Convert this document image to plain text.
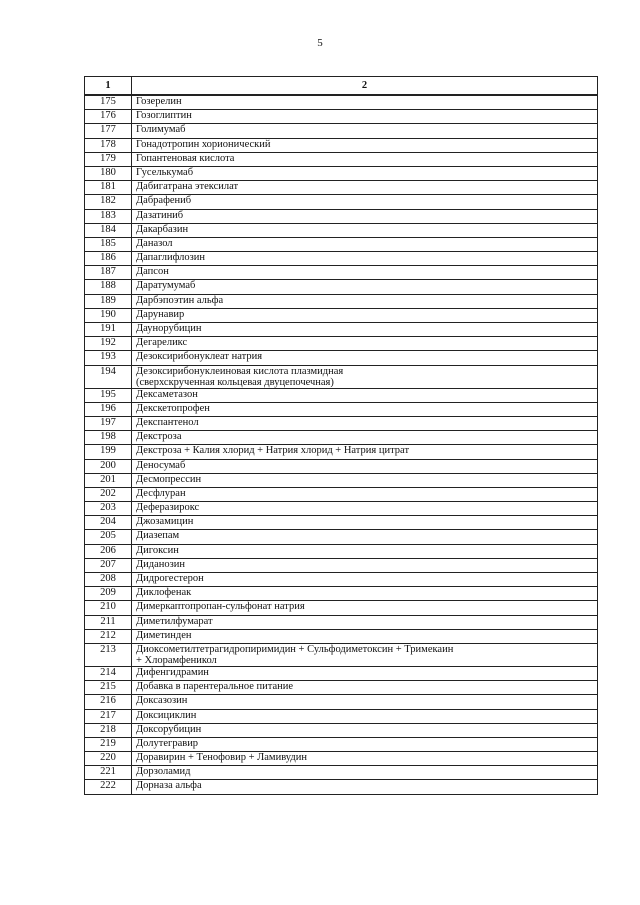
5
1	2
175	Гозерелин

176	Гозоглиптин

177	Голимумаб

178	Гонадотропин хорионический

179	Гопантеновая кислота

180	Гуселькумаб

181	Дабигатрана этексилат

182	Дабрафениб

183	Дазатиниб

184	Дакарбазин

185	Даназол

186	Дапаглифлозин

187	Дапсон

188	Даратумумаб

189	Дарбэпоэтин альфа

190	Дарунавир

191	Даунорубицин

192	Дегареликс

193	Дезоксирибонуклеат натрия

194	Дезоксирибонуклеиновая кислота плазмидная
(сверхскрученная кольцевая двуцепочечная)

195	Дексаметазон

196	Декскетопрофен

197	Декспантенол

198	Декстроза

199	Декстроза + Калия хлорид + Натрия хлорид + Натрия цитрат

200	Деносумаб

201	Десмопрессин

202	Десфлуран

203	Деферазирокс

204	Джозамицин

205	Диазепам

206	Дигоксин

207	Диданозин

208	Дидрогестерон

209	Диклофенак

210	Димеркаптопропан-сульфонат натрия

211	Диметилфумарат

212	Диметинден

213	Диоксометилтетрагидропиримидин + Сульфодиметоксин + Тримекаин
+ Хлорамфеникол

214	Дифенгидрамин

215	Добавка в парентеральное питание

216	Доксазозин

217	Доксициклин

218	Доксорубицин

219	Долутегравир

220	Доравирин + Тенофовир + Ламивудин

221	Дорзоламид

222	Дорназа альфа
